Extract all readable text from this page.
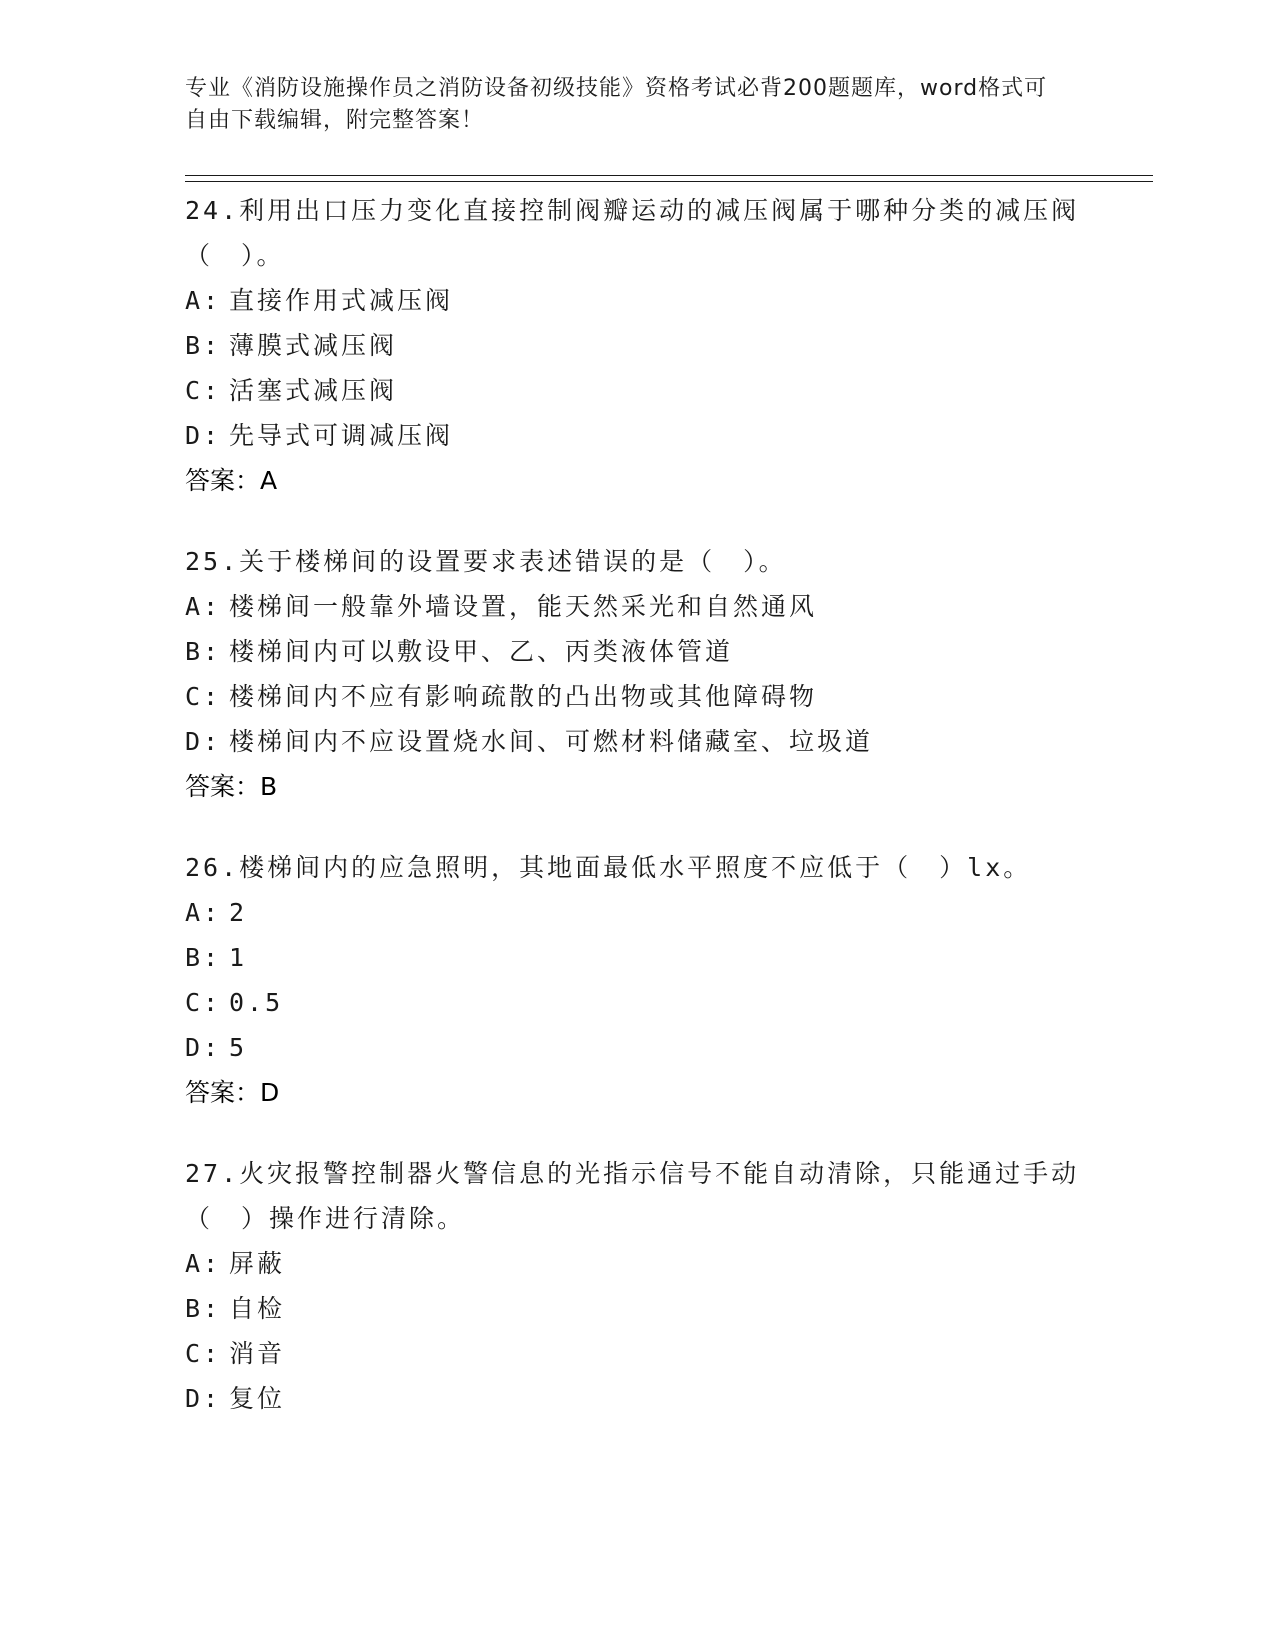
专业《消防设施操作员之消防设备初级技能》资格考试必背200题题库，word格式可自由下载编辑，附完整答案！
24.利用出口压力变化直接控制阀瓣运动的减压阀属于哪种分类的减压阀（　）。
A: 直接作用式减压阀
B: 薄膜式减压阀
C: 活塞式减压阀
D: 先导式可调减压阀
答案：A
25.关于楼梯间的设置要求表述错误的是（　）。
A: 楼梯间一般靠外墙设置，能天然采光和自然通风
B: 楼梯间内可以敷设甲、乙、丙类液体管道
C: 楼梯间内不应有影响疏散的凸出物或其他障碍物
D: 楼梯间内不应设置烧水间、可燃材料储藏室、垃圾道
答案：B
26.楼梯间内的应急照明，其地面最低水平照度不应低于（　）lx。
A: 2
B: 1
C: 0.5
D: 5
答案：D
27.火灾报警控制器火警信息的光指示信号不能自动清除，只能通过手动（　）操作进行清除。
A: 屏蔽
B: 自检
C: 消音
D: 复位
